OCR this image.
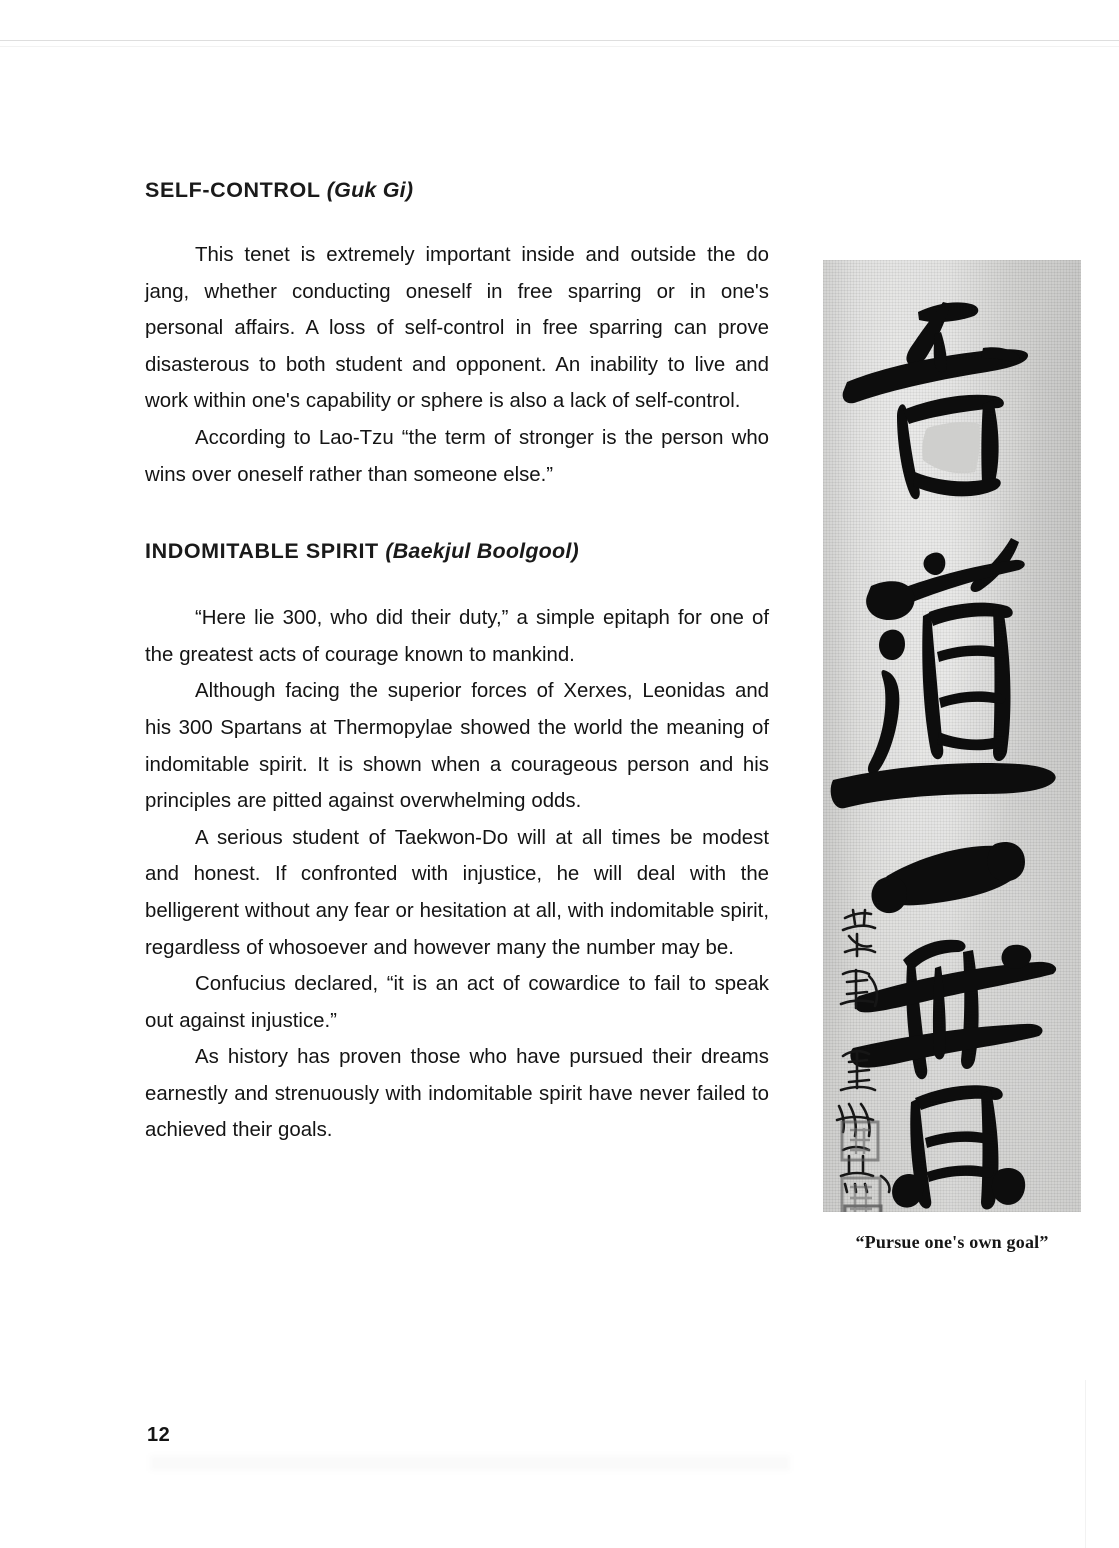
SELF-CONTROL (Guk Gi)

This tenet is extremely important inside and outside the do jang, whether conducting oneself in free sparring or in one's personal affairs. A loss of self-control in free sparring can prove disasterous to both student and opponent. An inability to live and work within one's capability or sphere is also a lack of self-control.

According to Lao-Tzu “the term of stronger is the person who wins over oneself rather than someone else.”

INDOMITABLE SPIRIT (Baekjul Boolgool)

“Here lie 300, who did their duty,” a simple epitaph for one of the greatest acts of courage known to mankind.

Although facing the superior forces of Xerxes, Leonidas and his 300 Spartans at Thermopylae showed the world the meaning of indomitable spirit. It is shown when a courageous person and his principles are pitted against overwhelming odds.

A serious student of Taekwon-Do will at all times be modest and honest. If confronted with injustice, he will deal with the belligerent without any fear or hesitation at all, with indomitable spirit, regardless of whosoever and however many the number may be.

Confucius declared, “it is an act of cowardice to fail to speak out against injustice.”

As history has proven those who have pursued their dreams earnestly and strenuously with indomitable spirit have never failed to achieved their goals.

12
“Pursue one's own goal”
